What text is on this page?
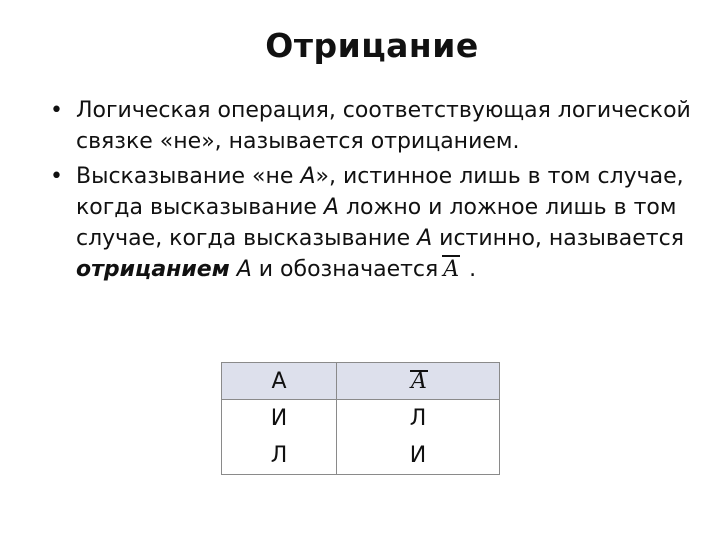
Отрицание
• Логическая операция, соответствующая логической связке «не», называется отрицанием.
• Высказывание «не А», истинное лишь в том случае, когда высказывание А ложно и ложное лишь в том случае, когда высказывание А истинно, называется отрицанием А и обозначается A .
А	A
И	Л
Л	И
